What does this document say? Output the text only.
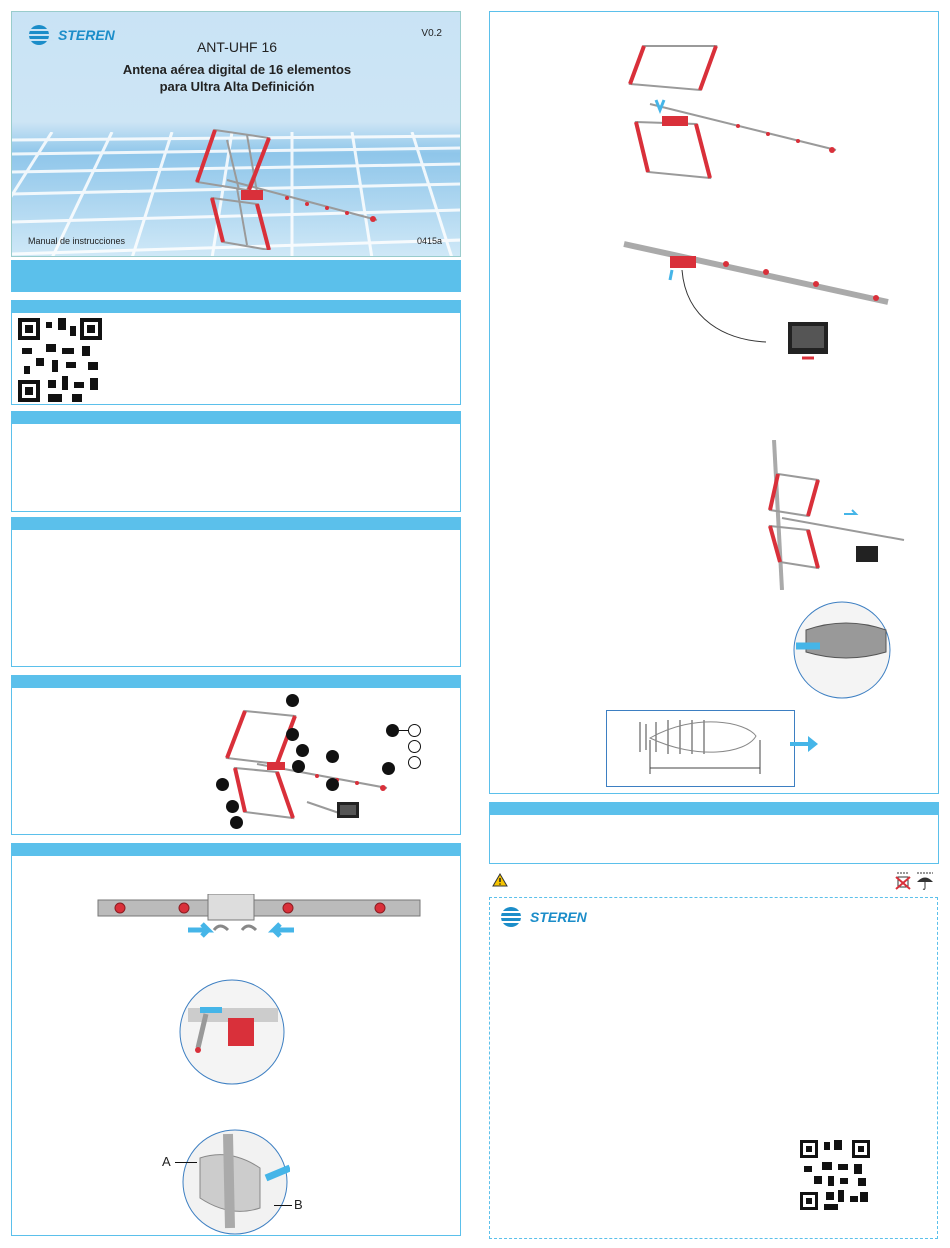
STEREN	V0.2
ANT-UHF 16
Antena aérea digital de 16 elementos
para Ultra Alta Definición
Manual de instrucciones	0415a
A
B
STEREN
